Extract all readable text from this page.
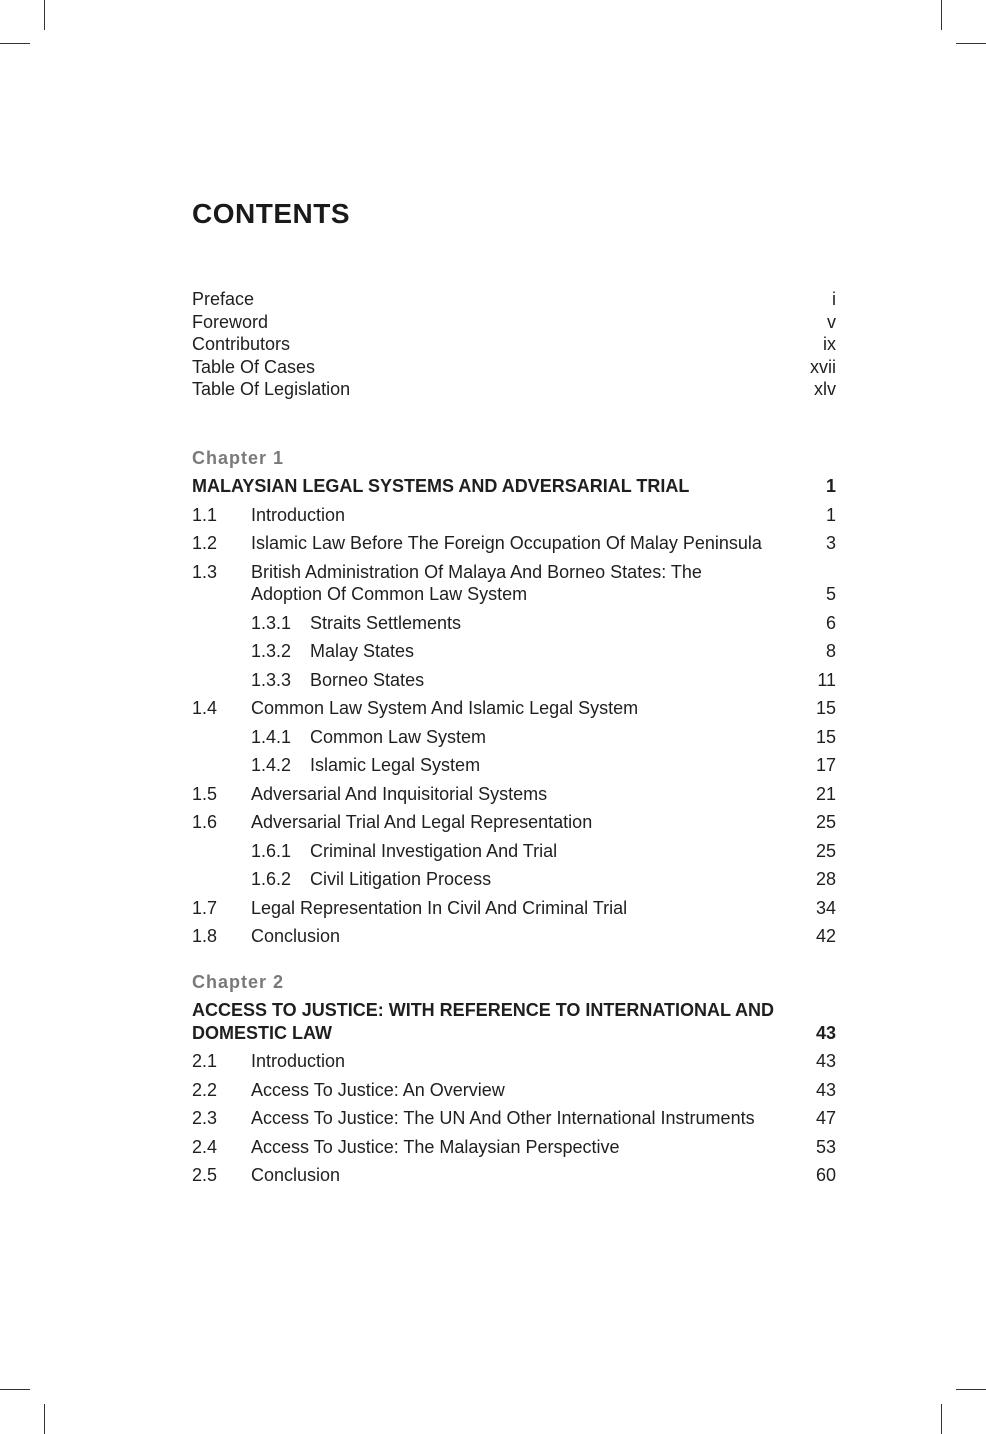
CONTENTS
Preface	i
Foreword	v
Contributors	ix
Table Of Cases	xvii
Table Of Legislation	xlv
Chapter 1
MALAYSIAN LEGAL SYSTEMS AND ADVERSARIAL TRIAL	1
1.1	Introduction	1
1.2	Islamic Law Before The Foreign Occupation Of Malay Peninsula	3
1.3	British Administration Of Malaya And Borneo States: The Adoption Of Common Law System	5
1.3.1	Straits Settlements	6
1.3.2	Malay States	8
1.3.3	Borneo States	11
1.4	Common Law System And Islamic Legal System	15
1.4.1	Common Law System	15
1.4.2	Islamic Legal System	17
1.5	Adversarial And Inquisitorial Systems	21
1.6	Adversarial Trial And Legal Representation	25
1.6.1	Criminal Investigation And Trial	25
1.6.2	Civil Litigation Process	28
1.7	Legal Representation In Civil And Criminal Trial	34
1.8	Conclusion	42
Chapter 2
ACCESS TO JUSTICE: WITH REFERENCE TO INTERNATIONAL AND DOMESTIC LAW	43
2.1	Introduction	43
2.2	Access To Justice: An Overview	43
2.3	Access To Justice: The UN And Other International Instruments	47
2.4	Access To Justice: The Malaysian Perspective	53
2.5	Conclusion	60
